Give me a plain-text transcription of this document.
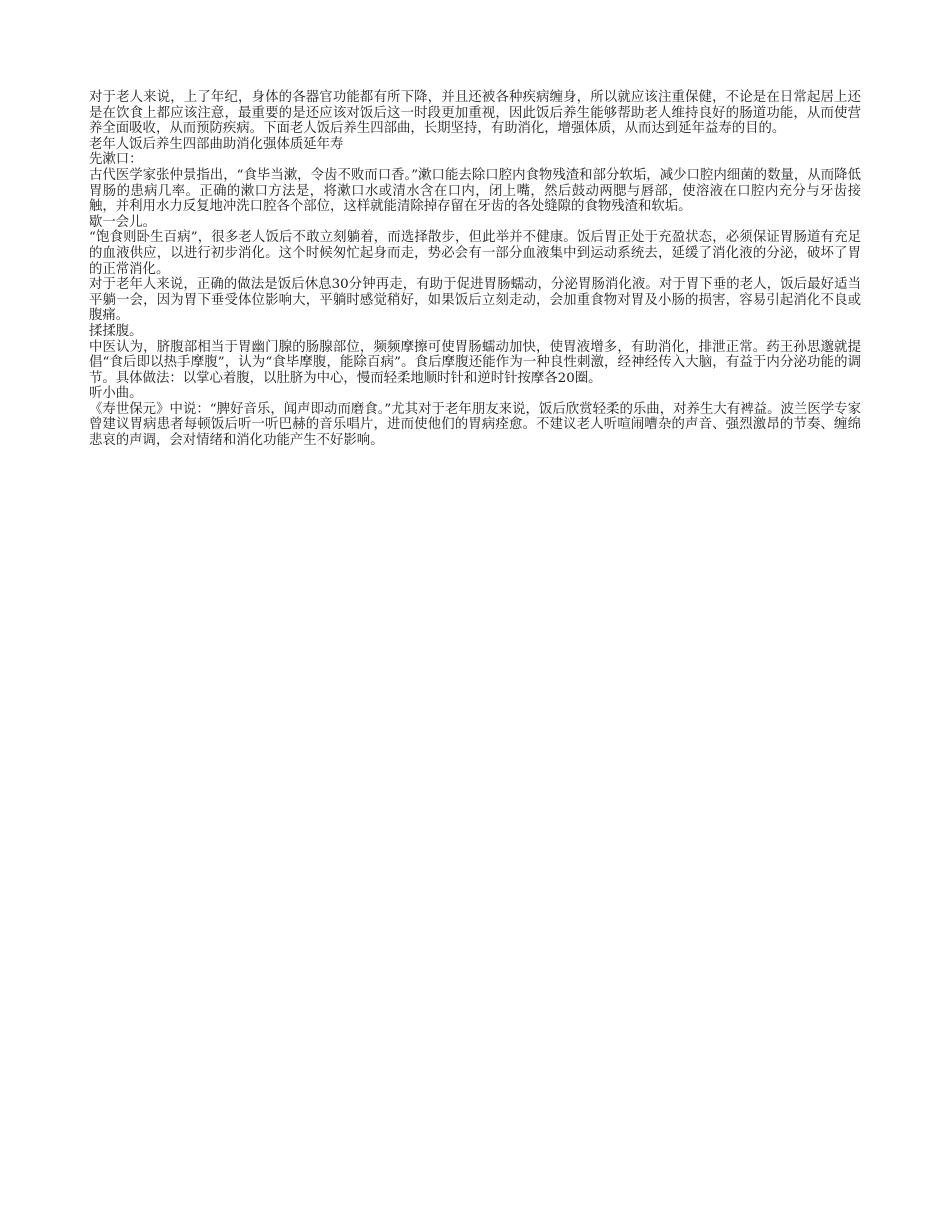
对于老人来说，上了年纪，身体的各器官功能都有所下降，并且还被各种疾病缠身，所以就应该注重保健，不论是在日常起居上还是在饮食上都应该注意，最重要的是还应该对饭后这一时段更加重视，因此饭后养生能够帮助老人维持良好的肠道功能，从而使营养全面吸收，从而预防疾病。下面老人饭后养生四部曲，长期坚持，有助消化，增强体质，从而达到延年益寿的目的。

老年人饭后养生四部曲助消化强体质延年寿

先漱口：

古代医学家张仲景指出，“食毕当漱，令齿不败而口香。”漱口能去除口腔内食物残渣和部分软垢，减少口腔内细菌的数量，从而降低胃肠的患病几率。正确的漱口方法是，将漱口水或清水含在口内，闭上嘴，然后鼓动两腮与唇部，使溶液在口腔内充分与牙齿接触，并利用水力反复地冲洗口腔各个部位，这样就能清除掉存留在牙齿的各处缝隙的食物残渣和软垢。

歇一会儿。

“饱食则卧生百病”，很多老人饭后不敢立刻躺着，而选择散步，但此举并不健康。饭后胃正处于充盈状态，必须保证胃肠道有充足的血液供应，以进行初步消化。这个时候匆忙起身而走，势必会有一部分血液集中到运动系统去，延缓了消化液的分泌，破坏了胃的正常消化。

对于老年人来说，正确的做法是饭后休息30分钟再走，有助于促进胃肠蠕动，分泌胃肠消化液。对于胃下垂的老人，饭后最好适当平躺一会，因为胃下垂受体位影响大，平躺时感觉稍好，如果饭后立刻走动，会加重食物对胃及小肠的损害，容易引起消化不良或腹痛。

揉揉腹。

中医认为，脐腹部相当于胃幽门腺的肠腺部位，频频摩擦可使胃肠蠕动加快，使胃液增多，有助消化，排泄正常。药王孙思邈就提倡“食后即以热手摩腹”，认为“食毕摩腹，能除百病”。食后摩腹还能作为一种良性刺激，经神经传入大脑，有益于内分泌功能的调节。具体做法：以掌心着腹，以肚脐为中心，慢而轻柔地顺时针和逆时针按摩各20圈。

听小曲。

《寿世保元》中说：“脾好音乐，闻声即动而磨食。”尤其对于老年朋友来说，饭后欣赏轻柔的乐曲，对养生大有裨益。波兰医学专家曾建议胃病患者每顿饭后听一听巴赫的音乐唱片，进而使他们的胃病痊愈。不建议老人听喧闹嘈杂的声音、强烈激昂的节奏、缠绵悲哀的声调，会对情绪和消化功能产生不好影响。
